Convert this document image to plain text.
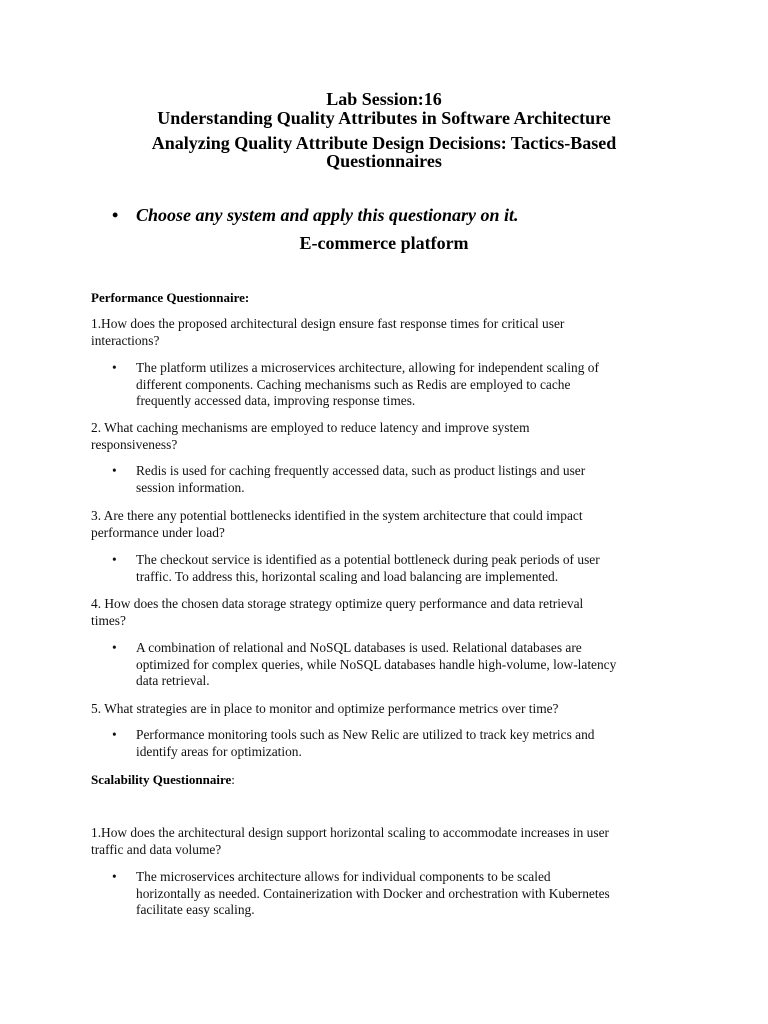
Lab Session:16
Understanding Quality Attributes in Software Architecture
Analyzing Quality Attribute Design Decisions: Tactics-Based
Questionnaires
• Choose any system and apply this questionary on it.
E-commerce platform
Performance Questionnaire:
1.How does the proposed architectural design ensure fast response times for critical user
interactions?
• The platform utilizes a microservices architecture, allowing for independent scaling of
different components. Caching mechanisms such as Redis are employed to cache
frequently accessed data, improving response times.
2. What caching mechanisms are employed to reduce latency and improve system
responsiveness?
• Redis is used for caching frequently accessed data, such as product listings and user
session information.
3. Are there any potential bottlenecks identified in the system architecture that could impact
performance under load?
• The checkout service is identified as a potential bottleneck during peak periods of user
traffic. To address this, horizontal scaling and load balancing are implemented.
4. How does the chosen data storage strategy optimize query performance and data retrieval
times?
• A combination of relational and NoSQL databases is used. Relational databases are
optimized for complex queries, while NoSQL databases handle high-volume, low-latency
data retrieval.
5. What strategies are in place to monitor and optimize performance metrics over time?
• Performance monitoring tools such as New Relic are utilized to track key metrics and
identify areas for optimization.
Scalability Questionnaire:
1.How does the architectural design support horizontal scaling to accommodate increases in user
traffic and data volume?
• The microservices architecture allows for individual components to be scaled
horizontally as needed. Containerization with Docker and orchestration with Kubernetes
facilitate easy scaling.
